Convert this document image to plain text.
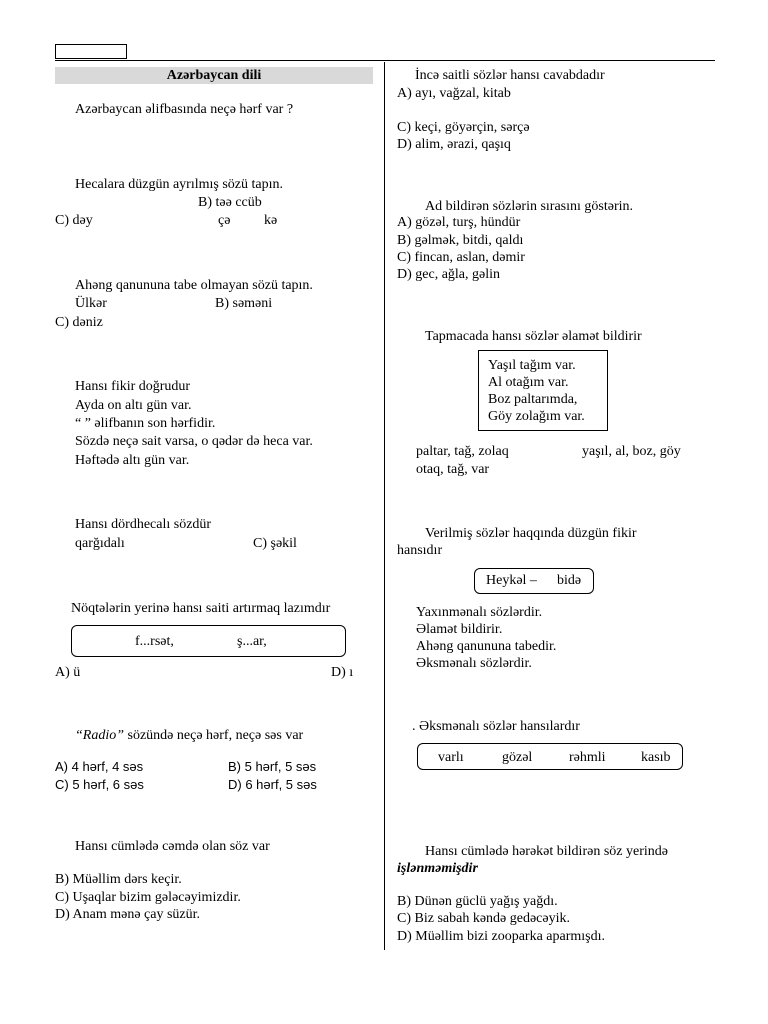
Azərbaycan dili
Azərbaycan əlifbasında neçə hərf var ?
Hecalara düzgün ayrılmış sözü tapın.
B) təə ccüb
C) dəy	çə kə
Ahəng qanununa tabe olmayan sözü tapın.
Ülkər	B) səməni
C) dəniz
Hansı fikir doğrudur
Ayda on altı gün var.
“ ” əlifbanın son hərfidir.
Sözdə neçə sait varsa, o qədər də heca var.
Həftədə altı gün var.
Hansı dördhecalı sözdür
qarğıdalı	C) şəkil
Nöqtələrin yerinə hansı saiti artırmaq lazımdır
f...rsət,	ş...ar,
A) ü	D) ı
“Radio” sözündə neçə hərf, neçə səs var
A) 4 hərf, 4 səs	B) 5 hərf, 5 səs
C) 5 hərf, 6 səs	D) 6 hərf, 5 səs
Hansı cümlədə cəmdə olan söz var
B) Müəllim dərs keçir.
C) Uşaqlar bizim gələcəyimizdir.
D) Anam mənə çay süzür.
İncə saitli sözlər hansı cavabdadır
A) ayı, vağzal, kitab
C) keçi, göyərçin, sərçə
D) alim, ərazi, qaşıq
Ad bildirən sözlərin sırasını göstərin.
A) gözəl, turş, hündür
B) gəlmək, bitdi, qaldı
C) fincan, aslan, dəmir
D) gec, ağla, gəlin
Tapmacada hansı sözlər əlamət bildirir
Yaşıl tağım var.
Al otağım var.
Boz paltarımda,
Göy zolağım var.
paltar, tağ, zolaq	yaşıl, al, boz, göy
otaq, tağ, var
Verilmiş sözlər haqqında düzgün fikir
hansıdır
Heykəl – bidə
Yaxınmənalı sözlərdir.
Əlamət bildirir.
Ahəng qanununa tabedir.
Əksmənalı sözlərdir.
. Əksmənalı sözlər hansılardır
varlı	gözəl	rəhmli	kasıb
Hansı cümlədə hərəkət bildirən söz yerində
işlənməmişdir
B) Dünən güclü yağış yağdı.
C) Biz sabah kəndə gedəcəyik.
D) Müəllim bizi zooparka aparmışdı.
